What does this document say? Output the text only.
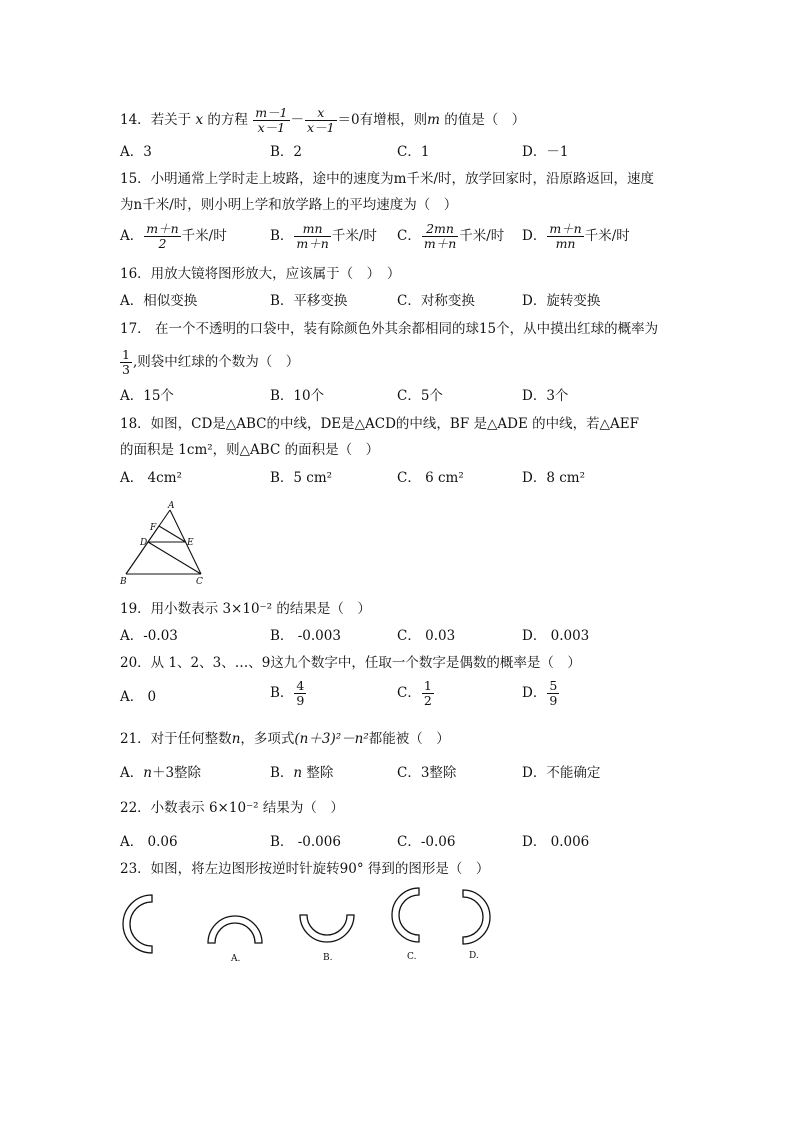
14．若关于 x 的方程 $\frac{m-1}{x-1} - \frac{x}{x-1} =0$有增根，则m 的值是（　）
A．3	B．2	C．1	D．－1
15．小明通常上学时走上坡路，途中的速度为m千米/时，放学回家时，沿原路返回，速度
为n千米/时，则小明上学和放学路上的平均速度为（　）
A． $\frac{m+n}{2}$ 千米/时	B． $\frac{mn}{m+n}$ 千米/时 C． $\frac{2mn}{m+n}$ 千米/时 D． $\frac{m+n}{mn}$ 千米/时
16．用放大镜将图形放大，应该属于（　）　）
A．相似变换	B．平移变换	C．对称变换	D．旋转变换
17． 在一个不透明的口袋中，装有除颜色外其余都相同的球15个，从中摸出红球的概率为
$\frac{1}{3}$ ,则袋中红球的个数为（　）
A．15个	B．10个	C．5个	D．3个
18．如图，CD是△ABC的中线，DE是△ACD的中线，BF 是△ADE 的中线，若△AEF
的面积是 1cm²，则△ABC 的面积是（　）
A． 4cm²	B．5 cm²	C． 6 cm²	D．8 cm²
A
F
D	E
B	C
19．用小数表示 3×10⁻² 的结果是（　）
A．-0.03	B． -0.003	C． 0.03	D． 0.003
20．从 1、2、3、…、9这九个数字中，任取一个数字是偶数的概率是（　）
A． 0	B． $\frac{4}{9}$	C． $\frac{1}{2}$	D． $\frac{5}{9}$
21．对于任何整数n，多项式(n＋3)²－n²都能被（　）
A．n＋3整除	B．n 整除	C．3整除	D．不能确定
22．小数表示 6×10⁻² 结果为（　）
A． 0.06	B． -0.006	C．-0.06	D． 0.006
23．如图，将左边图形按逆时针旋转90° 得到的图形是（　）
A.	B.	C.	D.
